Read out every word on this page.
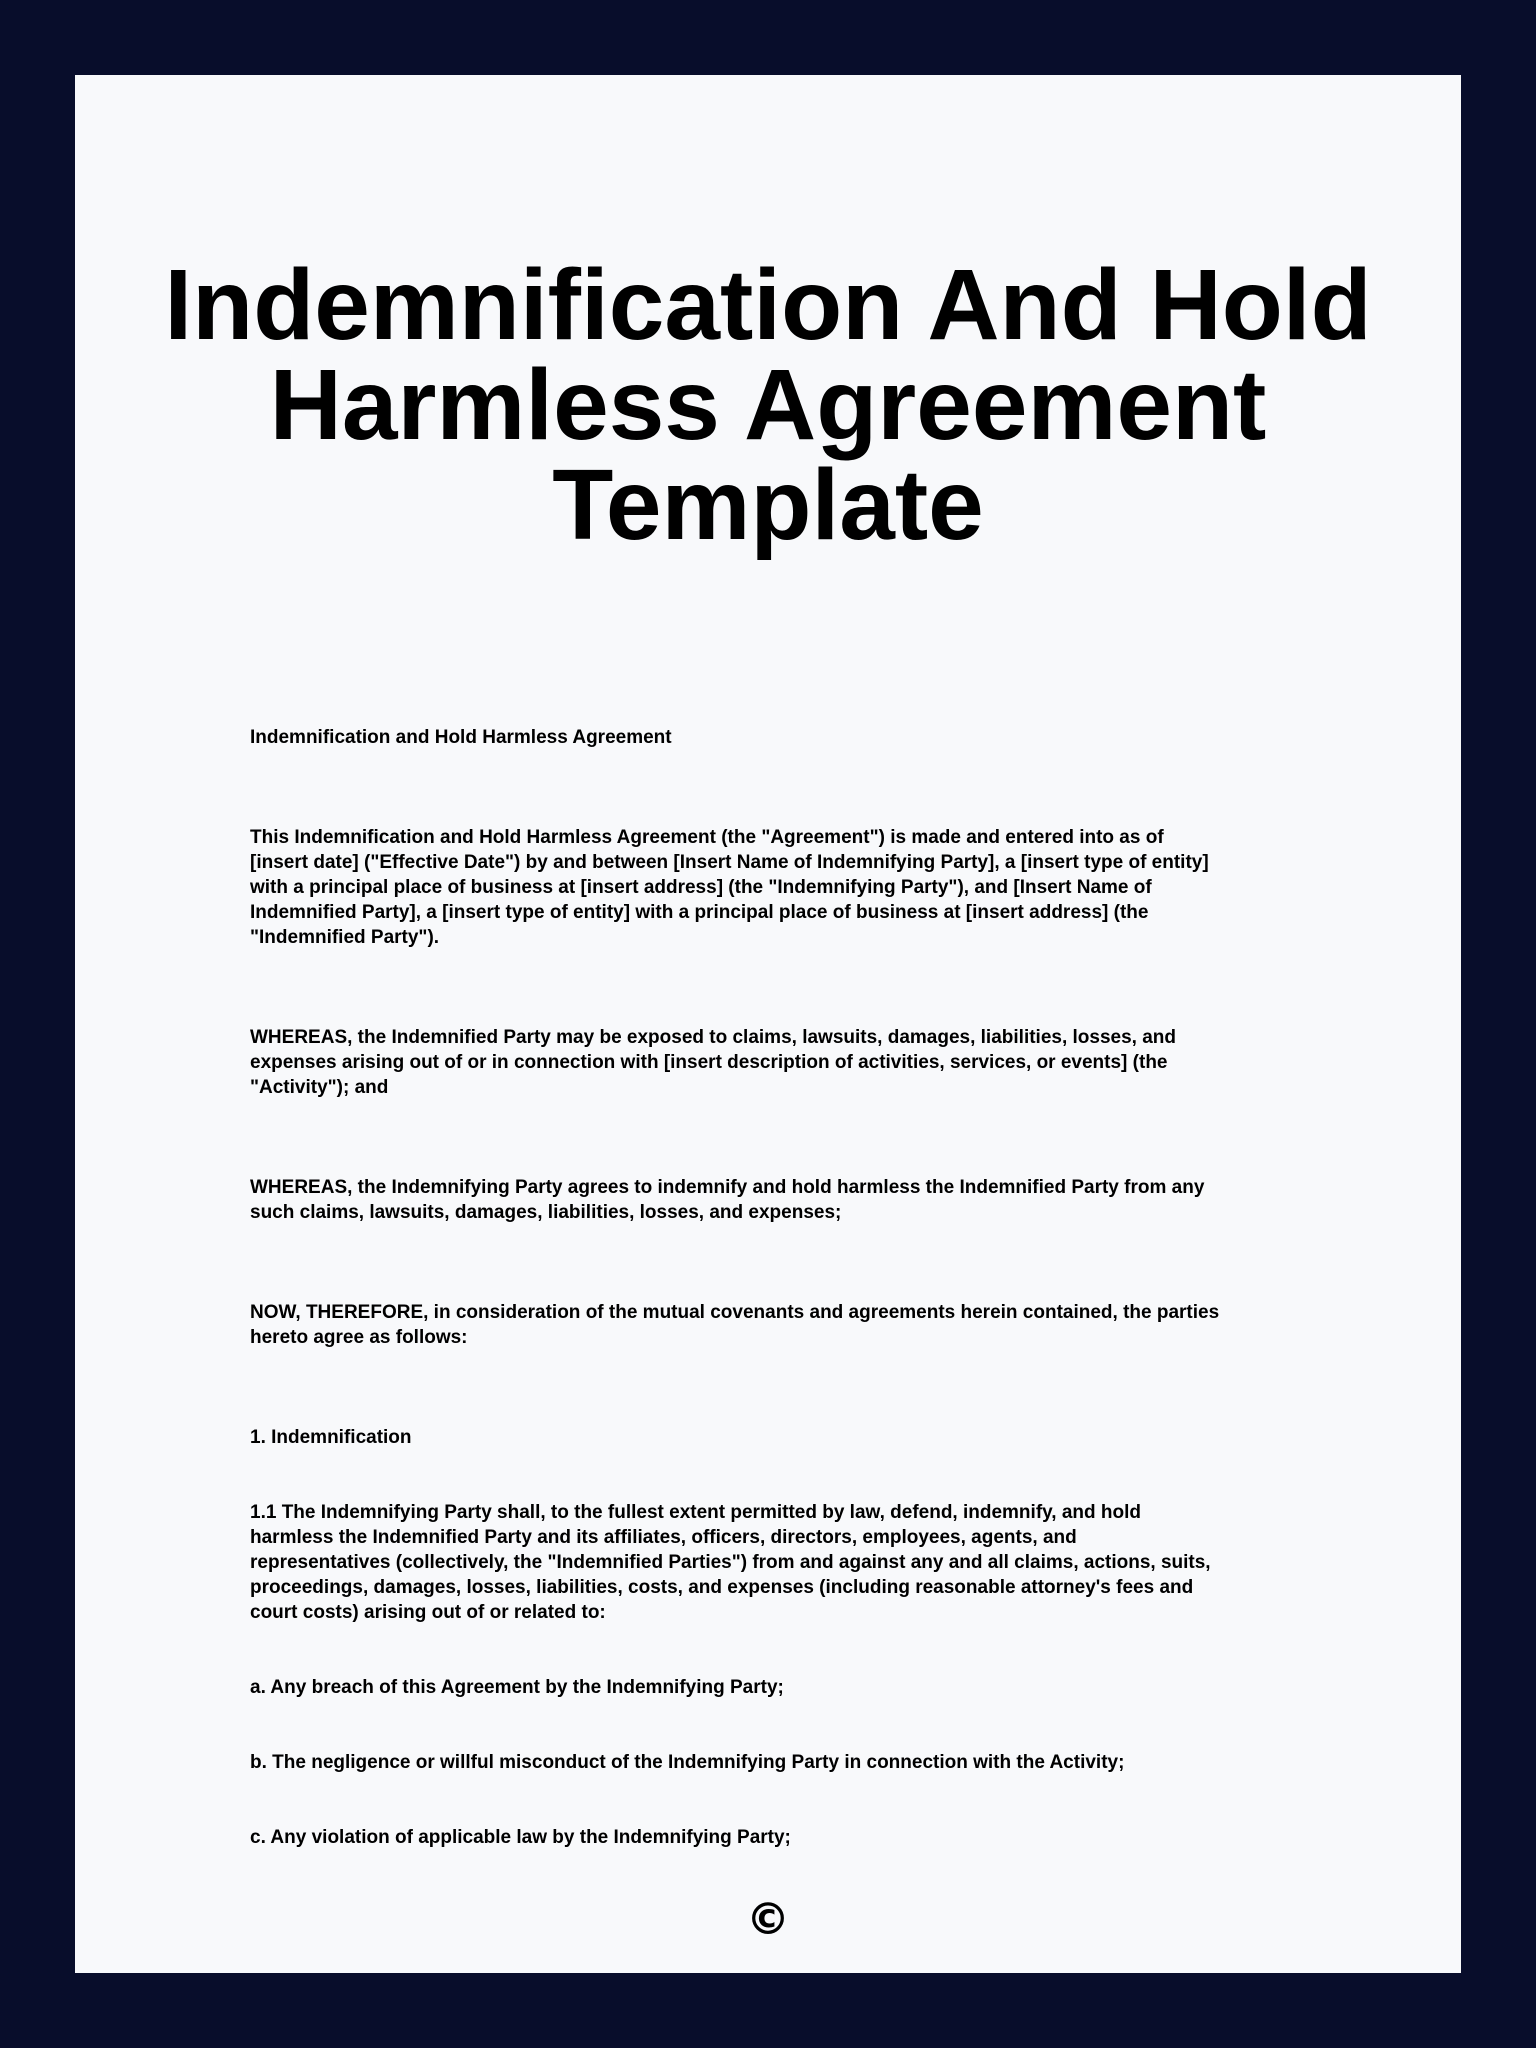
Indemnification And Hold Harmless Agreement Template

Indemnification and Hold Harmless Agreement

This Indemnification and Hold Harmless Agreement (the "Agreement") is made and entered into as of
[insert date] ("Effective Date") by and between [Insert Name of Indemnifying Party], a [insert type of entity]
with a principal place of business at [insert address] (the "Indemnifying Party"), and [Insert Name of
Indemnified Party], a [insert type of entity] with a principal place of business at [insert address] (the
"Indemnified Party").

WHEREAS, the Indemnified Party may be exposed to claims, lawsuits, damages, liabilities, losses, and
expenses arising out of or in connection with [insert description of activities, services, or events] (the
"Activity"); and

WHEREAS, the Indemnifying Party agrees to indemnify and hold harmless the Indemnified Party from any
such claims, lawsuits, damages, liabilities, losses, and expenses;

NOW, THEREFORE, in consideration of the mutual covenants and agreements herein contained, the parties
hereto agree as follows:

1. Indemnification

1.1 The Indemnifying Party shall, to the fullest extent permitted by law, defend, indemnify, and hold
harmless the Indemnified Party and its affiliates, officers, directors, employees, agents, and
representatives (collectively, the "Indemnified Parties") from and against any and all claims, actions, suits,
proceedings, damages, losses, liabilities, costs, and expenses (including reasonable attorney's fees and
court costs) arising out of or related to:

a. Any breach of this Agreement by the Indemnifying Party;

b. The negligence or willful misconduct of the Indemnifying Party in connection with the Activity;

c. Any violation of applicable law by the Indemnifying Party;

©
